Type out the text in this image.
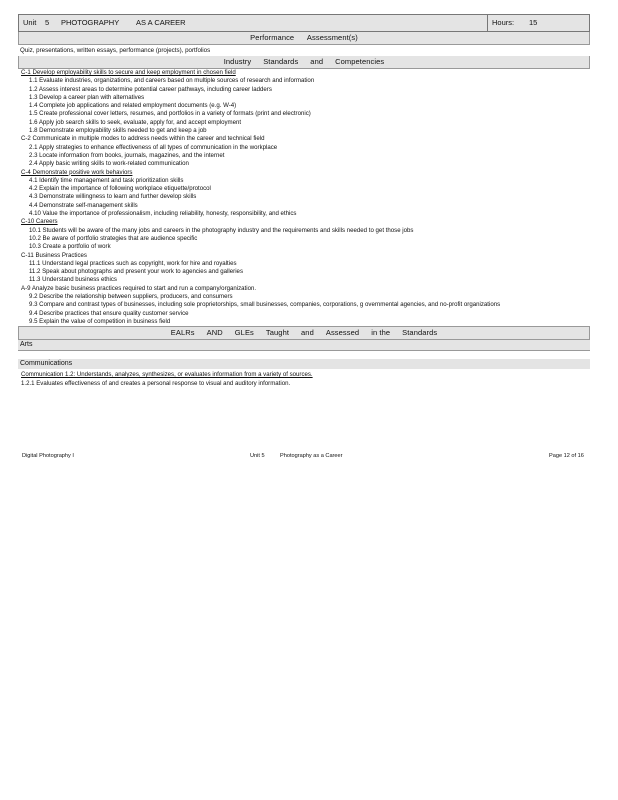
Unit 5 PHOTOGRAPHY AS A CAREER	Hours: 15
Performance Assessment(s)
Quiz, presentations, written essays, performance (projects), portfolios
Industry Standards and Competencies
C-1 Develop employability skills to secure and keep employment in chosen field
1.1 Evaluate industries, organizations, and careers based on multiple sources of research and information
1.2 Assess interest areas to determine potential career pathways, including career ladders
1.3 Develop a career plan with alternatives
1.4 Complete job applications and related employment documents (e.g. W-4)
1.5 Create professional cover letters, resumes, and portfolios in a variety of formats (print and electronic)
1.6 Apply job search skills to seek, evaluate, apply for, and accept employment
1.8 Demonstrate employability skills needed to get and keep a job
C-2 Communicate in multiple modes to address needs within the career and technical field
2.1 Apply strategies to enhance effectiveness of all types of communication in the workplace
2.3 Locate information from books, journals, magazines, and the internet
2.4 Apply basic writing skills to work-related communication
C-4 Demonstrate positive work behaviors
4.1 Identify time management and task prioritization skills
4.2 Explain the importance of following workplace etiquette/protocol
4.3 Demonstrate willingness to learn and further develop skills
4.4 Demonstrate self-management skills
4.10 Value the importance of professionalism, including reliability, honesty, responsibility, and ethics
C-10 Careers
10.1 Students will be aware of the many jobs and careers in the photography industry and the requirements and skills needed to get those jobs
10.2 Be aware of portfolio strategies that are audience specific
10.3 Create a portfolio of work
C-11 Business Practices
11.1 Understand legal practices such as copyright, work for hire and royalties
11.2 Speak about photographs and present your work to agencies and galleries
11.3 Understand business ethics
A-9 Analyze basic business practices required to start and run a company/organization.
9.2 Describe the relationship between suppliers, producers, and consumers
9.3 Compare and contrast types of businesses, including sole proprietorships, small businesses, companies, corporations, g overnmental agencies, and no-profit organizations
9.4 Describe practices that ensure quality customer service
9.5 Explain the value of competition in business field
EALRs AND GLEs Taught and Assessed in the Standards
Arts
Communications
Communication 1.2: Understands, analyzes, synthesizes, or evaluates information from a variety of sources.
1.2.1 Evaluates effectiveness of and creates a personal response to visual and auditory information.
Digital Photography I	Unit 5	Photography as a Career	Page 12 of 16
